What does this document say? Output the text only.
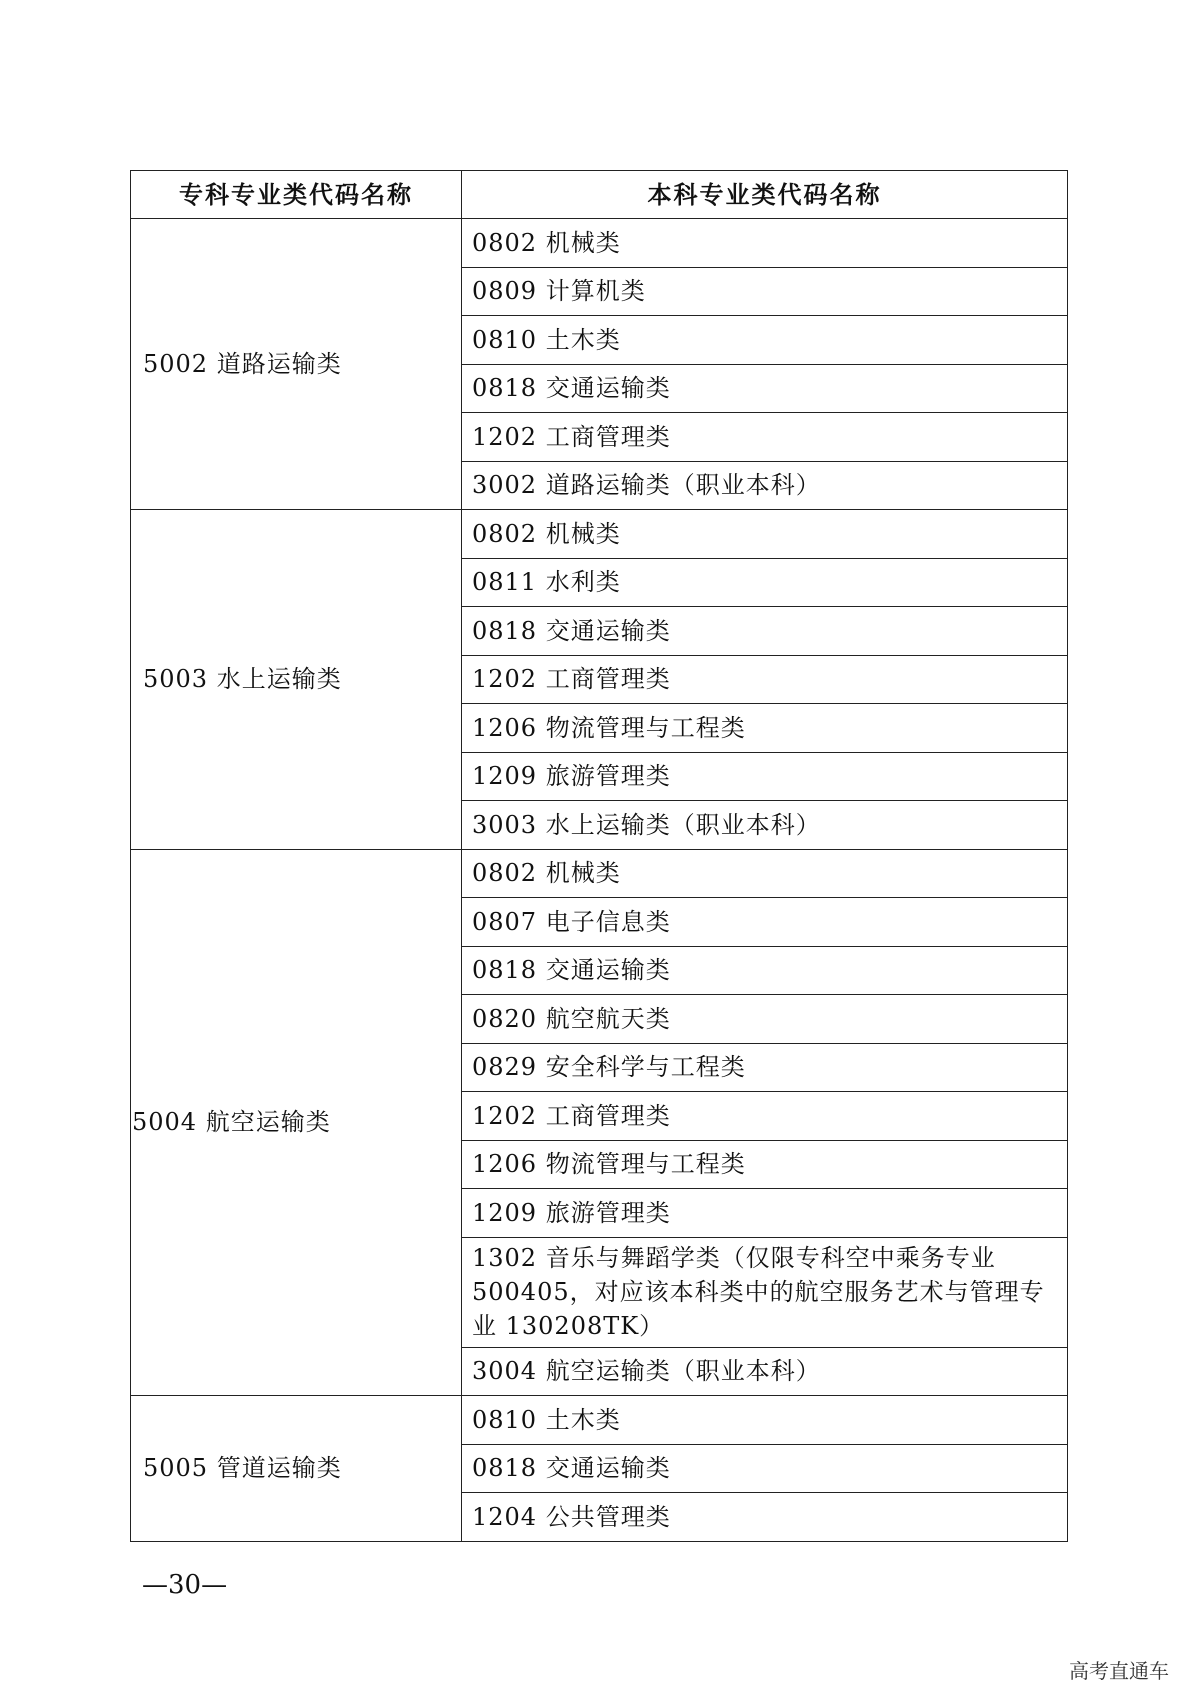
专科专业类代码名称	本科专业类代码名称
5002 道路运输类	0802 机械类
	0809 计算机类
	0810 土木类
	0818 交通运输类
	1202 工商管理类
	3002 道路运输类（职业本科）
5003 水上运输类	0802 机械类
	0811 水利类
	0818 交通运输类
	1202 工商管理类
	1206 物流管理与工程类
	1209 旅游管理类
	3003 水上运输类（职业本科）
5004 航空运输类	0802 机械类
	0807 电子信息类
	0818 交通运输类
	0820 航空航天类
	0829 安全科学与工程类
	1202 工商管理类
	1206 物流管理与工程类
	1209 旅游管理类
	1302 音乐与舞蹈学类（仅限专科空中乘务专业500405，对应该本科类中的航空服务艺术与管理专业 130208TK）
	3004 航空运输类（职业本科）
5005 管道运输类	0810 土木类
	0818 交通运输类
	1204 公共管理类
—30—
高考直通车
